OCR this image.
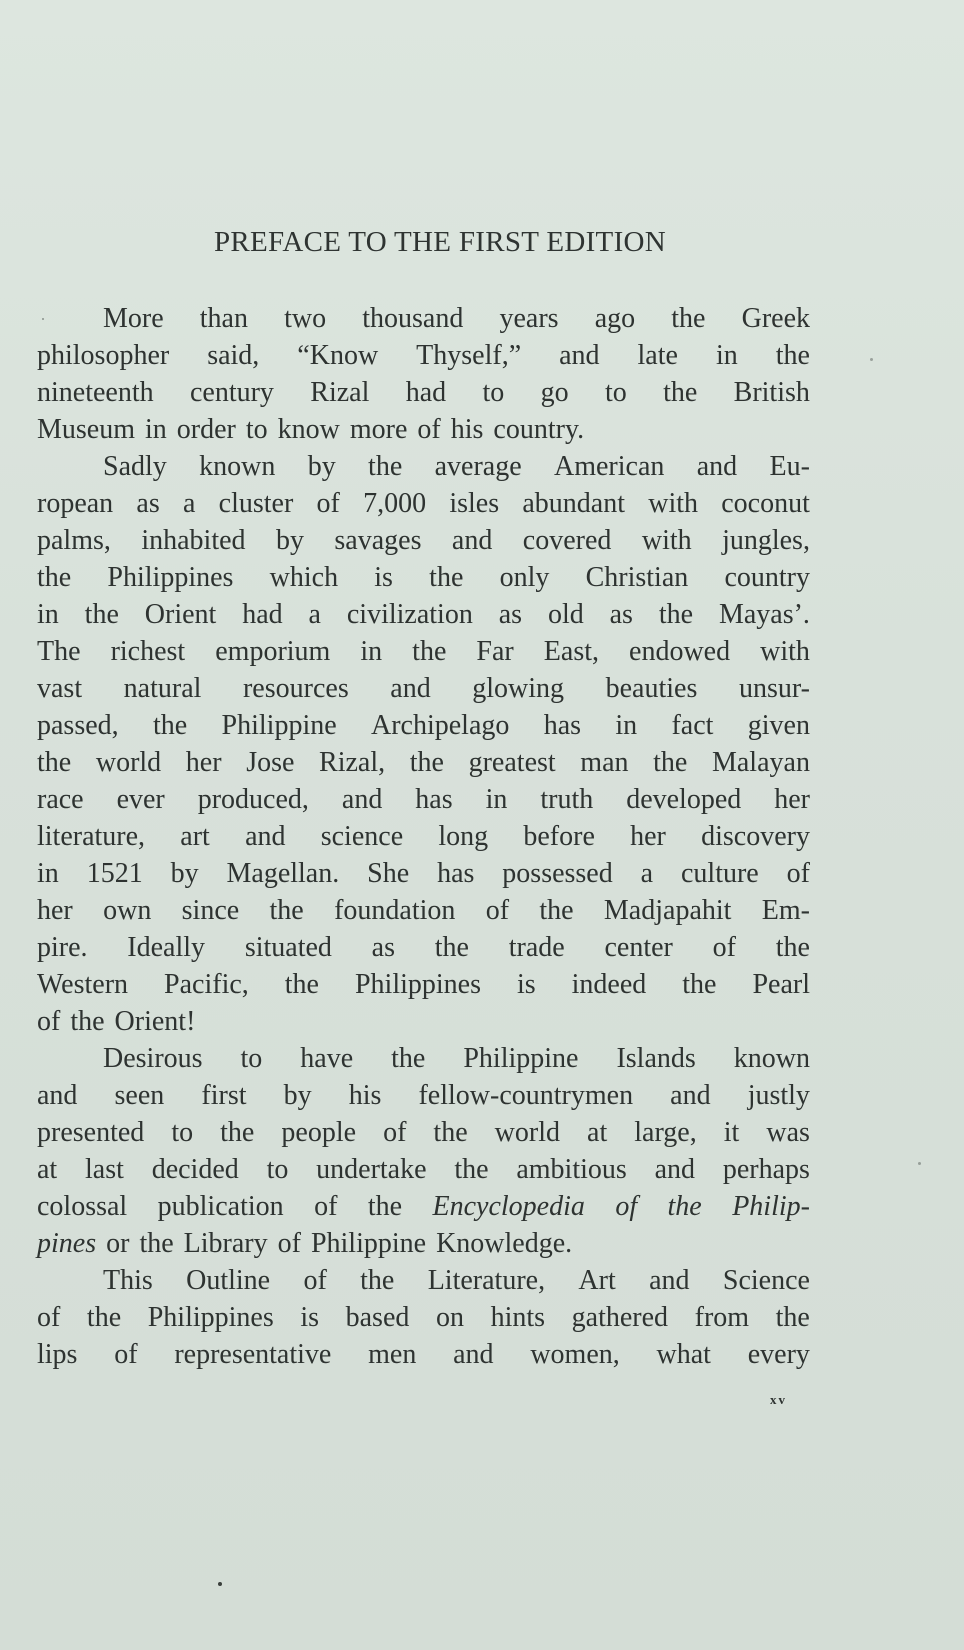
PREFACE TO THE FIRST EDITION
More than two thousand years ago the Greek
philosopher said, “Know Thyself,” and late in the
nineteenth century Rizal had to go to the British
Museum in order to know more of his country.
Sadly known by the average American and Eu-
ropean as a cluster of 7,000 isles abundant with coconut
palms, inhabited by savages and covered with jungles,
the Philippines which is the only Christian country
in the Orient had a civilization as old as the Mayas’.
The richest emporium in the Far East, endowed with
vast natural resources and glowing beauties unsur-
passed, the Philippine Archipelago has in fact given
the world her Jose Rizal, the greatest man the Malayan
race ever produced, and has in truth developed her
literature, art and science long before her discovery
in 1521 by Magellan. She has possessed a culture of
her own since the foundation of the Madjapahit Em-
pire. Ideally situated as the trade center of the
Western Pacific, the Philippines is indeed the Pearl
of the Orient!
Desirous to have the Philippine Islands known
and seen first by his fellow-countrymen and justly
presented to the people of the world at large, it was
at last decided to undertake the ambitious and perhaps
colossal publication of the Encyclopedia of the Philip-
pines or the Library of Philippine Knowledge.
This Outline of the Literature, Art and Science
of the Philippines is based on hints gathered from the
lips of representative men and women, what every
xv
